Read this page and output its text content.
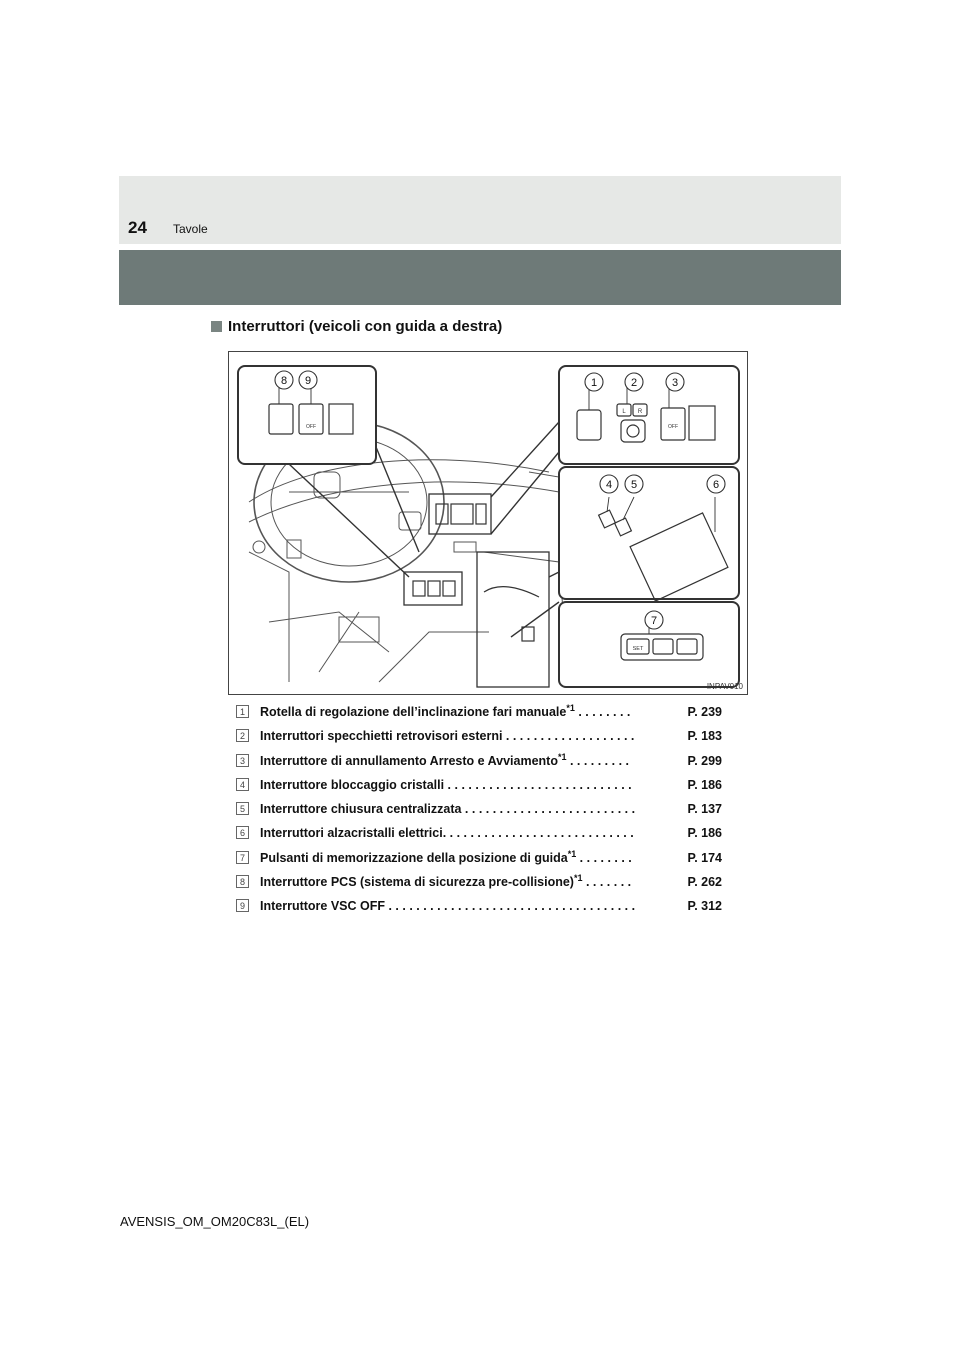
24 Tavole
Interruttori (veicoli con guida a destra)
OFF
L R
OFF
SET
8 9	1	2	3
4 5	6
7
INPAV010
1	Rotella di regolazione dell’inclinazione fari manuale$^{*1}$ . . . . . . . .	P. 239
2	Interruttori specchietti retrovisori esterni . . . . . . . . . . . . . . . . . . .	P. 183
3	Interruttore di annullamento Arresto e Avviamento$^{*1}$ . . . . . . . . .	P. 299
4	Interruttore bloccaggio cristalli . . . . . . . . . . . . . . . . . . . . . . . . . . .	P. 186
5	Interruttore chiusura centralizzata . . . . . . . . . . . . . . . . . . . . . . . . .	P. 137
6	Interruttori alzacristalli elettrici. . . . . . . . . . . . . . . . . . . . . . . . . . . .	P. 186
7	Pulsanti di memorizzazione della posizione di guida$^{*1}$ . . . . . . . .	P. 174
8	Interruttore PCS (sistema di sicurezza pre-collisione)$^{*1}$ . . . . . . .	P. 262
9	Interruttore VSC OFF . . . . . . . . . . . . . . . . . . . . . . . . . . . . . . . . . . . .	P. 312
AVENSIS_OM_OM20C83L_(EL)
